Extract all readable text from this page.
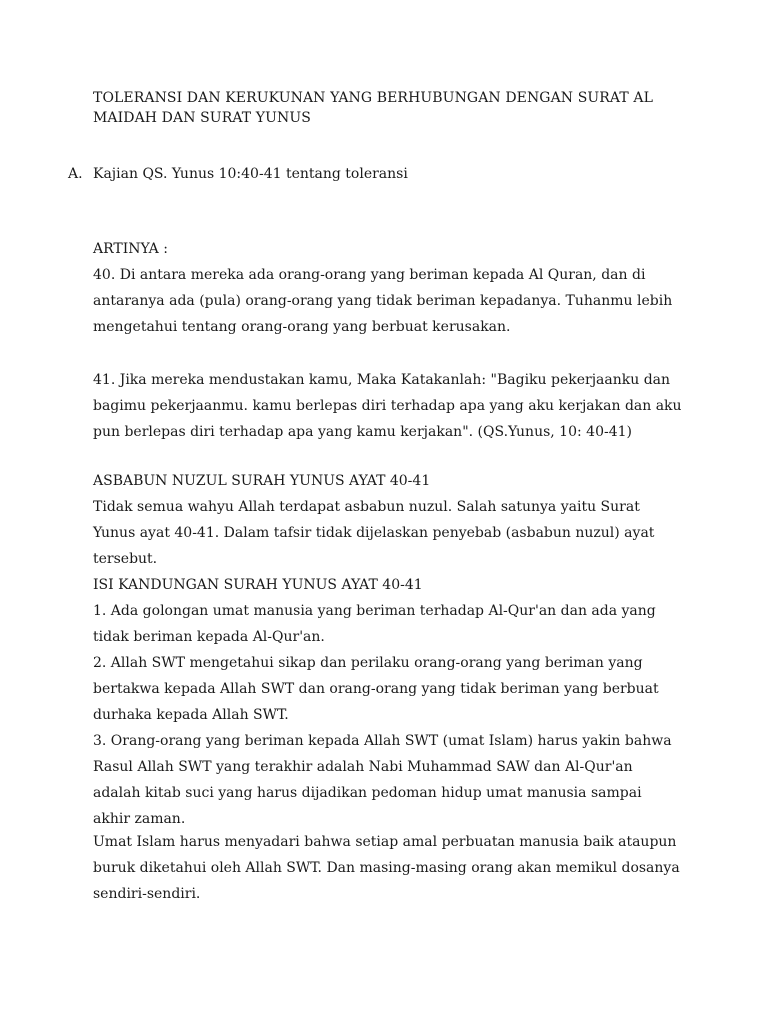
TOLERANSI DAN KERUKUNAN YANG BERHUBUNGAN DENGAN SURAT AL MAIDAH DAN SURAT YUNUS
A. Kajian QS. Yunus 10:40-41 tentang toleransi

ARTINYA :

40. Di antara mereka ada orang-orang yang beriman kepada Al Quran, dan di antaranya ada (pula) orang-orang yang tidak beriman kepadanya. Tuhanmu lebih mengetahui tentang orang-orang yang berbuat kerusakan.

41. Jika mereka mendustakan kamu, Maka Katakanlah: "Bagiku pekerjaanku dan bagimu pekerjaanmu. kamu berlepas diri terhadap apa yang aku kerjakan dan aku pun berlepas diri terhadap apa yang kamu kerjakan". (QS.Yunus, 10: 40-41)

ASBABUN NUZUL SURAH YUNUS AYAT 40-41

Tidak semua wahyu Allah terdapat asbabun nuzul. Salah satunya yaitu Surat Yunus ayat 40-41. Dalam tafsir tidak dijelaskan penyebab (asbabun nuzul) ayat tersebut.

ISI KANDUNGAN SURAH YUNUS AYAT 40-41

1. Ada golongan umat manusia yang beriman terhadap Al-Qur'an dan ada yang tidak beriman kepada Al-Qur'an.

2. Allah SWT mengetahui sikap dan perilaku orang-orang yang beriman yang bertakwa kepada Allah SWT dan orang-orang yang tidak beriman yang berbuat durhaka kepada Allah SWT.

3. Orang-orang yang beriman kepada Allah SWT (umat Islam) harus yakin bahwa Rasul Allah SWT yang terakhir adalah Nabi Muhammad SAW dan Al-Qur'an adalah kitab suci yang harus dijadikan pedoman hidup umat manusia sampai akhir zaman.

Umat Islam harus menyadari bahwa setiap amal perbuatan manusia baik ataupun buruk diketahui oleh Allah SWT. Dan masing-masing orang akan memikul dosanya sendiri-sendiri.
